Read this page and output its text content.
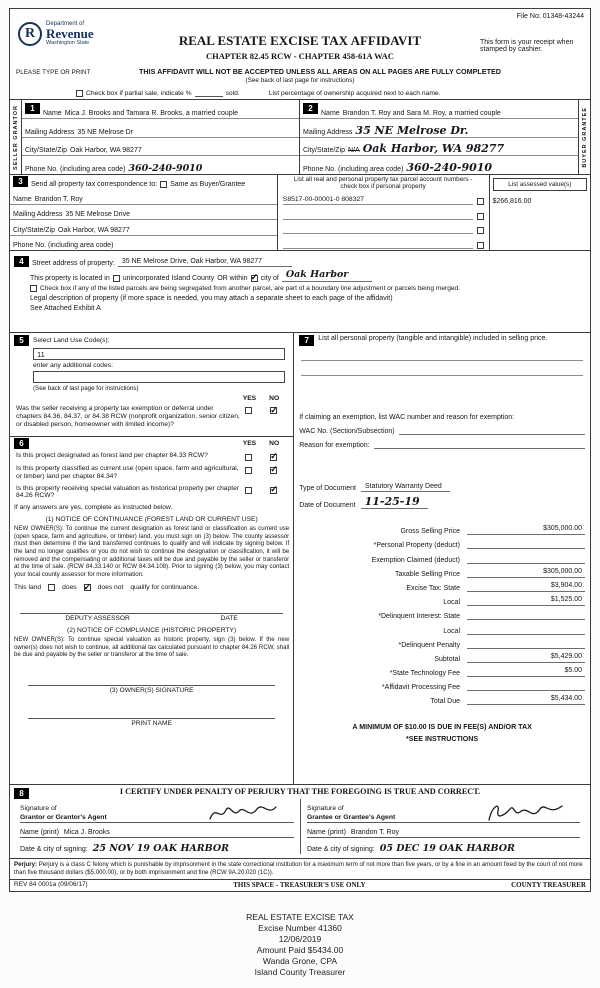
File No: 01348-43244
R
Department of
Revenue
Washington State
PLEASE TYPE OR PRINT
REAL ESTATE EXCISE TAX AFFIDAVIT
CHAPTER 82.45 RCW - CHAPTER 458-61A WAC
This form is your receipt when stamped by cashier.
THIS AFFIDAVIT WILL NOT BE ACCEPTED UNLESS ALL AREAS ON ALL PAGES ARE FULLY COMPLETED
(See back of last page for instructions)
Check box if partial sale, indicate %	sold.	List percentage of ownership acquired next to each name.
SELLER GRANTOR	1
Name Mica J. Brooks and Tamara R. Brooks, a married couple
Mailing Address 35 NE Melrose Dr
City/State/Zip Oak Harbor, WA 98277
Phone No. (including area code) 360-240-9010
2
Name Brandon T. Roy and Sara M. Roy, a married couple
Mailing Address 35 NE Melrose Dr.
City/State/Zip N/A Oak Harbor, WA 98277
Phone No. (including area code) 360-240-9010
BUYER GRANTEE
3	Send all property tax correspondence to: Same as Buyer/Grantee
Name Brandon T. Roy
Mailing Address 35 NE Melrose Drive
City/State/Zip Oak Harbor, WA 98277
Phone No. (including area code)
List all real and personal property tax parcel account numbers - check box if personal property
S8517-00-00001-0 808327
List assessed value(s)
$266,816.00
4	Street address of property:	35 NE Melrose Drive, Oak Harbor, WA 98277
This property is located in unincorporated Island County OR within ✓ city of Oak Harbor
Check box if any of the listed parcels are being segregated from another parcel, are part of a boundary line adjustment or parcels being merged.
Legal description of property (if more space is needed, you may attach a separate sheet to each page of the affidavit)
See Attached Exhibit A
5	Select Land Use Code(s):
11
enter any additional codes:
(See back of last page for instructions)
YES NO
Was the seller receiving a property tax exemption or deferral under chapters 84.36, 84.37, or 84.38 RCW (nonprofit organization, senior citizen, or disabled person, homeowner with limited income)?
✓
6	YES NO
Is this project designated as forest land per chapter 84.33 RCW?
✓
Is this property classified as current use (open space, farm and agricultural, or timber) land per chapter 84.34?
✓
Is this property receiving special valuation as historical property per chapter 84.26 RCW?
✓
If any answers are yes, complete as instructed below.
(1) NOTICE OF CONTINUANCE (FOREST LAND OR CURRENT USE)
NEW OWNER(S): To continue the current designation as forest land or classification as current use (open space, farm and agriculture, or timber) land, you must sign on (3) below. The county assessor must then determine if the land transferred continues to qualify and will indicate by signing below. If the land no longer qualifies or you do not wish to continue the designation or classification, it will be removed and the compensating or additional taxes will be due and payable by the seller or transferor at the time of sale. (RCW 84.33.140 or RCW 84.34.108). Prior to signing (3) below, you may contact your local county assessor for more information.
This land	does ✓	does not qualify for continuance.
DEPUTY ASSESSOR	DATE
(2) NOTICE OF COMPLIANCE (HISTORIC PROPERTY)
NEW OWNER(S): To continue special valuation as historic property, sign (3) below. If the new owner(s) does not wish to continue, all additional tax calculated pursuant to chapter 84.26 RCW, shall be due and payable by the seller or transferor at the time of sale.
(3) OWNER(S) SIGNATURE
PRINT NAME
7	List all personal property (tangible and intangible) included in selling price.
If claiming an exemption, list WAC number and reason for exemption:
WAC No. (Section/Subsection)
Reason for exemption:
Type of Document	Statutory Warranty Deed
Date of Document 11-25-19
Gross Selling Price	$305,000.00
*Personal Property (deduct)
Exemption Claimed (deduct)
Taxable Selling Price	$305,000.00
Excise Tax: State	$3,904.00
Local	$1,525.00
*Delinquent Interest: State
Local
*Delinquent Penalty
Subtotal	$5,429.00
*State Technology Fee	$5.00
*Affidavit Processing Fee
Total Due	$5,434.00
A MINIMUM OF $10.00 IS DUE IN FEE(S) AND/OR TAX
*SEE INSTRUCTIONS
8	I CERTIFY UNDER PENALTY OF PERJURY THAT THE FOREGOING IS TRUE AND CORRECT.
Signature of
Grantor or Grantor's Agent
Name (print) Mica J. Brooks
Date & city of signing: 25 NOV 19 OAK HARBOR
Signature of
Grantee or Grantee's Agent
Name (print) Brandon T. Roy
Date & city of signing: 05 DEC 19 OAK HARBOR
Perjury: Perjury is a class C felony which is punishable by imprisonment in the state correctional institution for a maximum term of not more than five years, or by a fine in an amount fixed by the court of not more than five thousand dollars ($5,000.00), or by both imprisonment and fine (RCW 9A.20.020 (1C)).
REV 84 0001a (09/06/17)	THIS SPACE - TREASURER'S USE ONLY	COUNTY TREASURER
REAL ESTATE EXCISE TAX
Excise Number 41360
12/06/2019
Amount Paid $5434.00
Wanda Grone, CPA
Island County Treasurer
